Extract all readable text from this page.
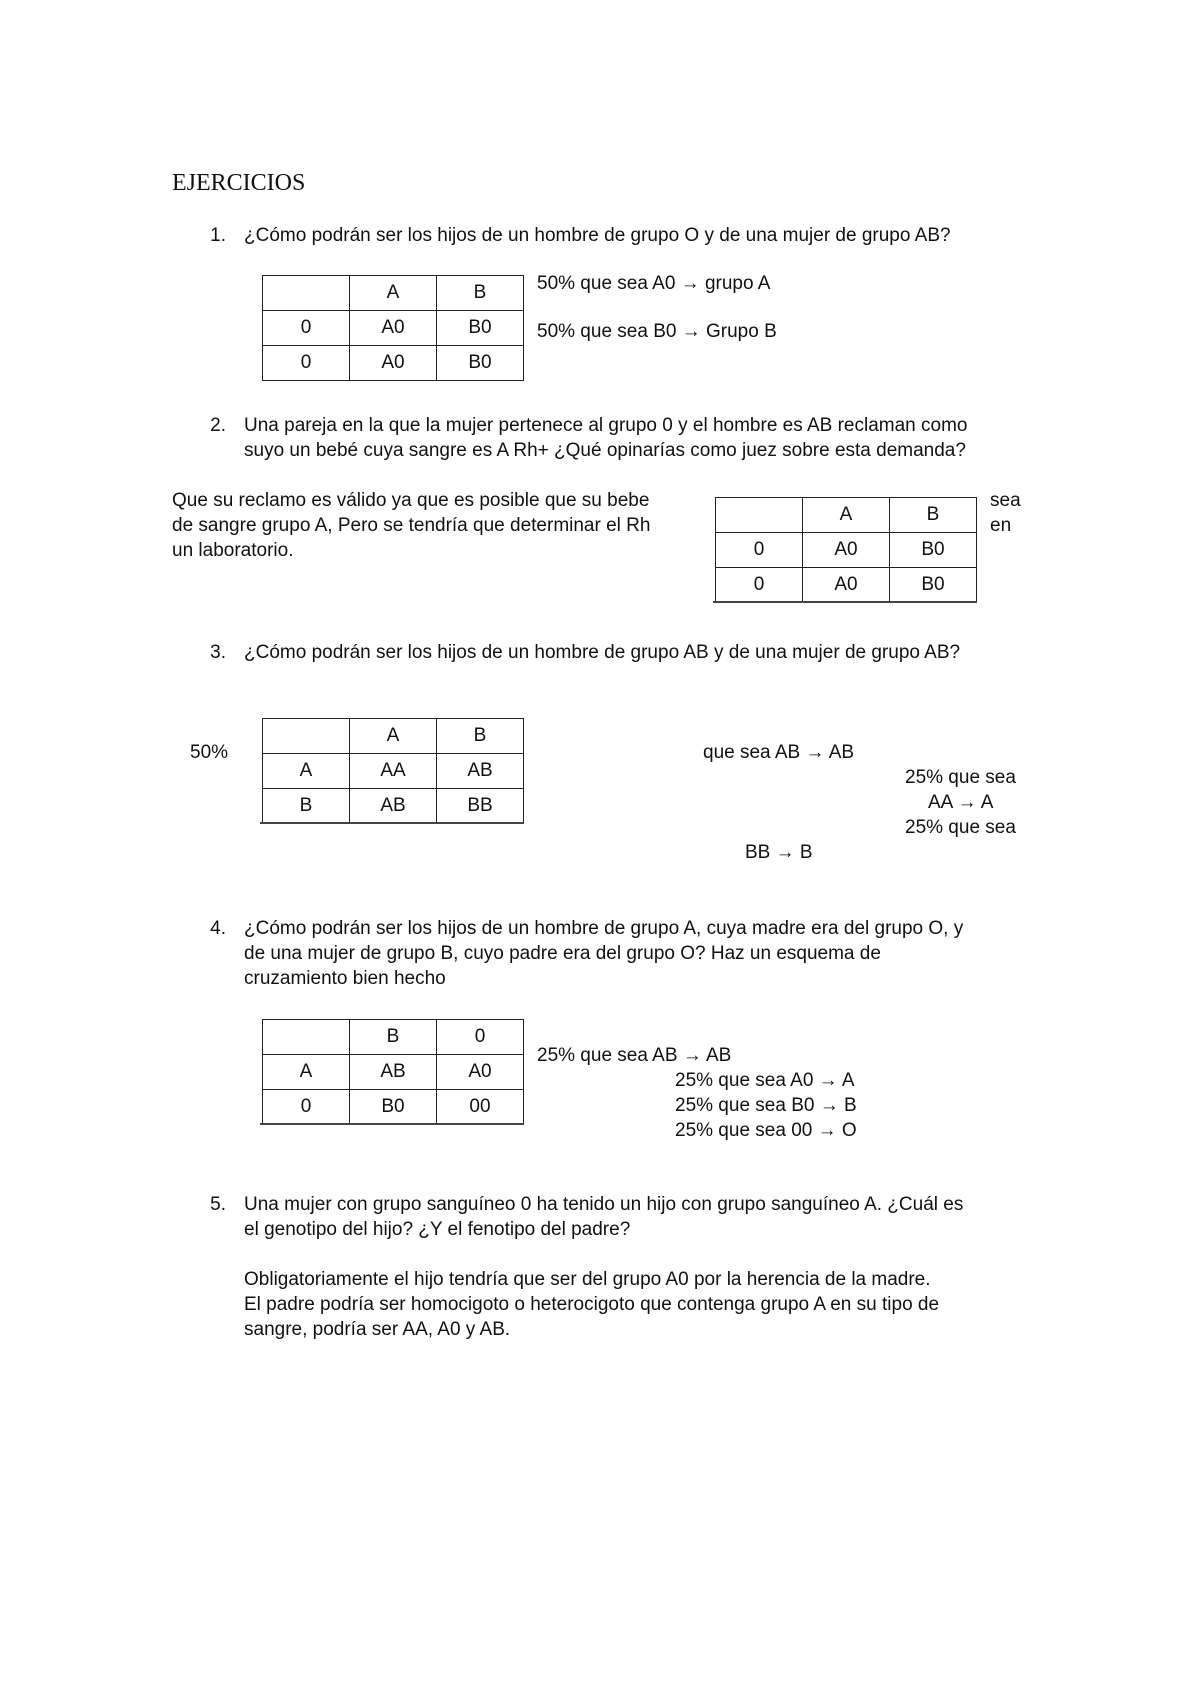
EJERCICIOS
1. ¿Cómo podrán ser los hijos de un hombre de grupo O y de una mujer de grupo AB?
	A	B
0	A0	B0
0	A0	B0
50% que sea A0 → grupo A
50% que sea B0 → Grupo B
2. Una pareja en la que la mujer pertenece al grupo 0 y el hombre es AB reclaman como
suyo un bebé cuya sangre es A Rh+ ¿Qué opinarías como juez sobre esta demanda?
Que su reclamo es válido ya que es posible que su bebe
de sangre grupo A, Pero se tendría que determinar el Rh
un laboratorio.
sea
en
	A	B
0	A0	B0
0	A0	B0
3. ¿Cómo podrán ser los hijos de un hombre de grupo AB y de una mujer de grupo AB?
50%
	A	B
A	AA	AB
B	AB	BB
que sea AB → AB
25% que sea
AA → A
25% que sea
BB → B
4. ¿Cómo podrán ser los hijos de un hombre de grupo A, cuya madre era del grupo O, y
de una mujer de grupo B, cuyo padre era del grupo O? Haz un esquema de
cruzamiento bien hecho
	B	0
A	AB	A0
0	B0	00
25% que sea AB → AB
25% que sea A0 → A
25% que sea B0 → B
25% que sea 00 → O
5. Una mujer con grupo sanguíneo 0 ha tenido un hijo con grupo sanguíneo A. ¿Cuál es
el genotipo del hijo? ¿Y el fenotipo del padre?
Obligatoriamente el hijo tendría que ser del grupo A0 por la herencia de la madre.
El padre podría ser homocigoto o heterocigoto que contenga grupo A en su tipo de
sangre, podría ser AA, A0 y AB.
